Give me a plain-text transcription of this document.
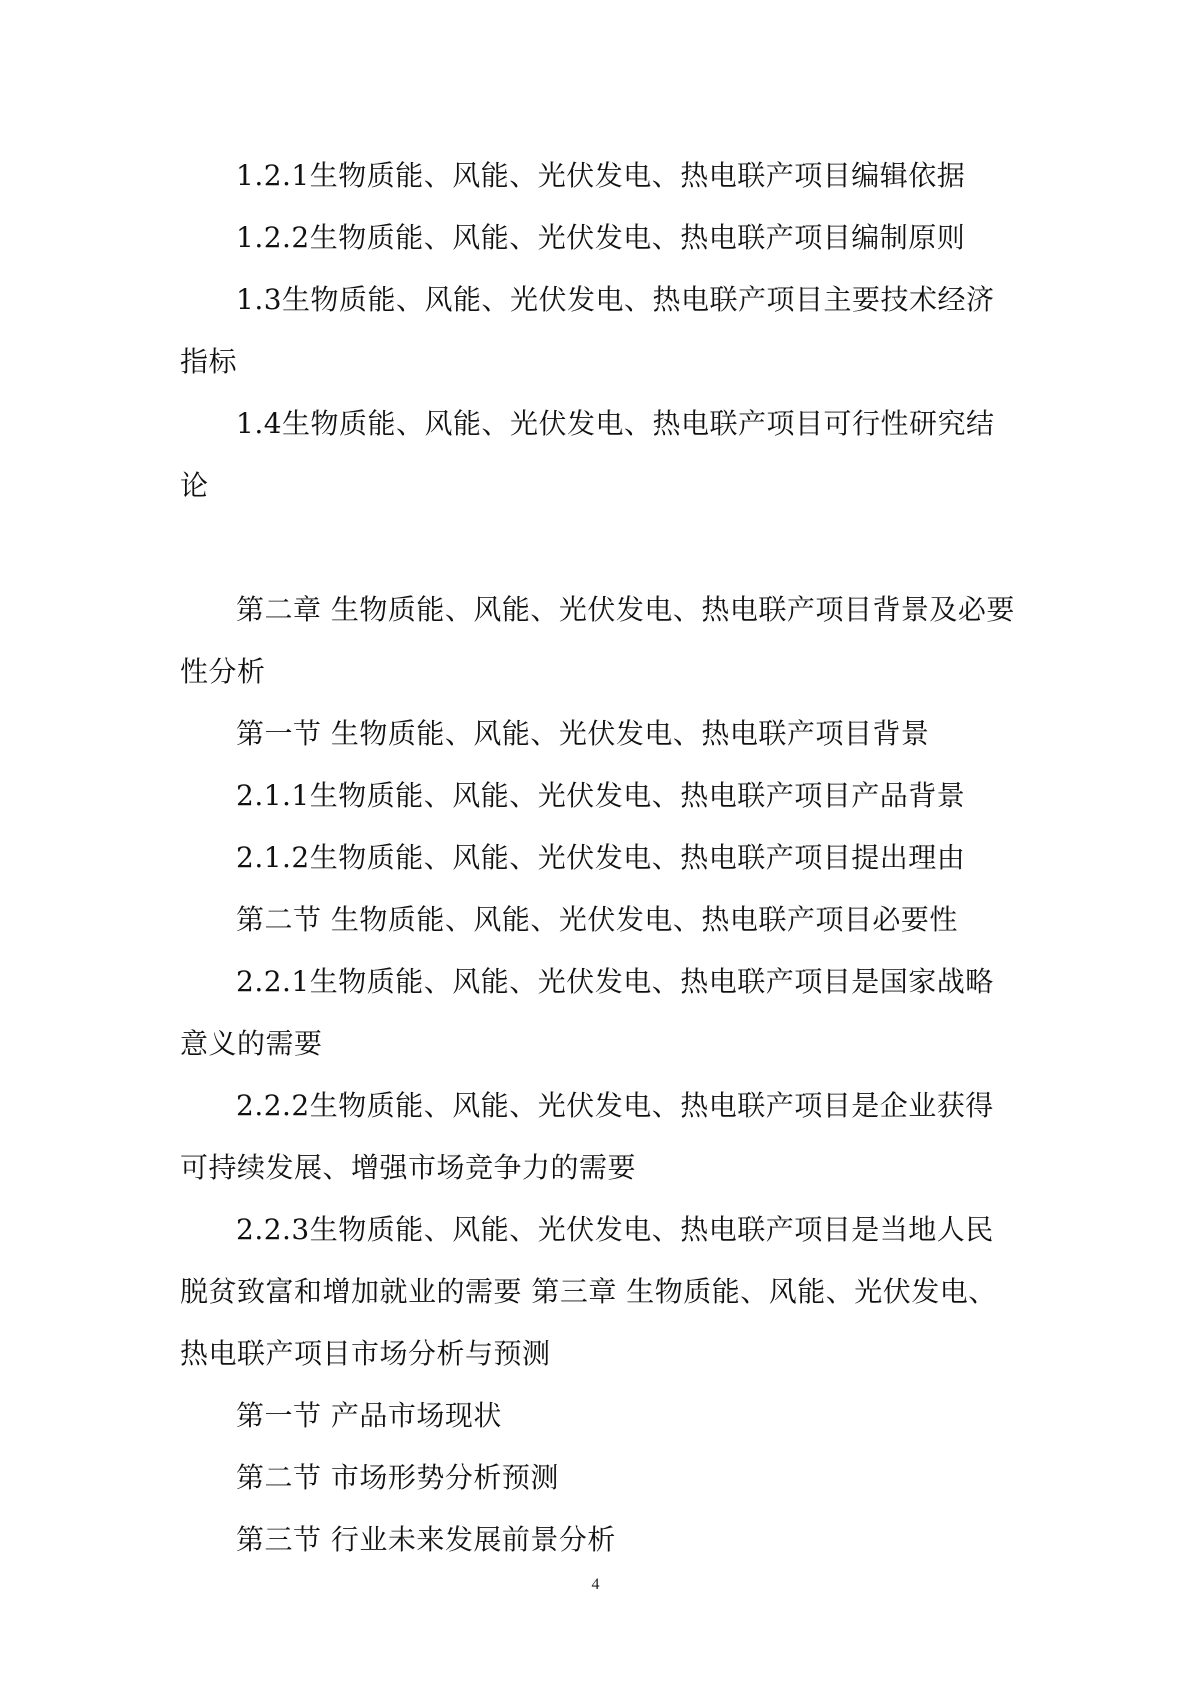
1.2.1生物质能、风能、光伏发电、热电联产项目编辑依据

1.2.2生物质能、风能、光伏发电、热电联产项目编制原则

1.3生物质能、风能、光伏发电、热电联产项目主要技术经济指标

1.4生物质能、风能、光伏发电、热电联产项目可行性研究结论

第二章 生物质能、风能、光伏发电、热电联产项目背景及必要性分析

第一节 生物质能、风能、光伏发电、热电联产项目背景

2.1.1生物质能、风能、光伏发电、热电联产项目产品背景

2.1.2生物质能、风能、光伏发电、热电联产项目提出理由

第二节 生物质能、风能、光伏发电、热电联产项目必要性

2.2.1生物质能、风能、光伏发电、热电联产项目是国家战略意义的需要

2.2.2生物质能、风能、光伏发电、热电联产项目是企业获得可持续发展、增强市场竞争力的需要

2.2.3生物质能、风能、光伏发电、热电联产项目是当地人民脱贫致富和增加就业的需要 第三章 生物质能、风能、光伏发电、热电联产项目市场分析与预测

第一节 产品市场现状

第二节 市场形势分析预测

第三节 行业未来发展前景分析

4
